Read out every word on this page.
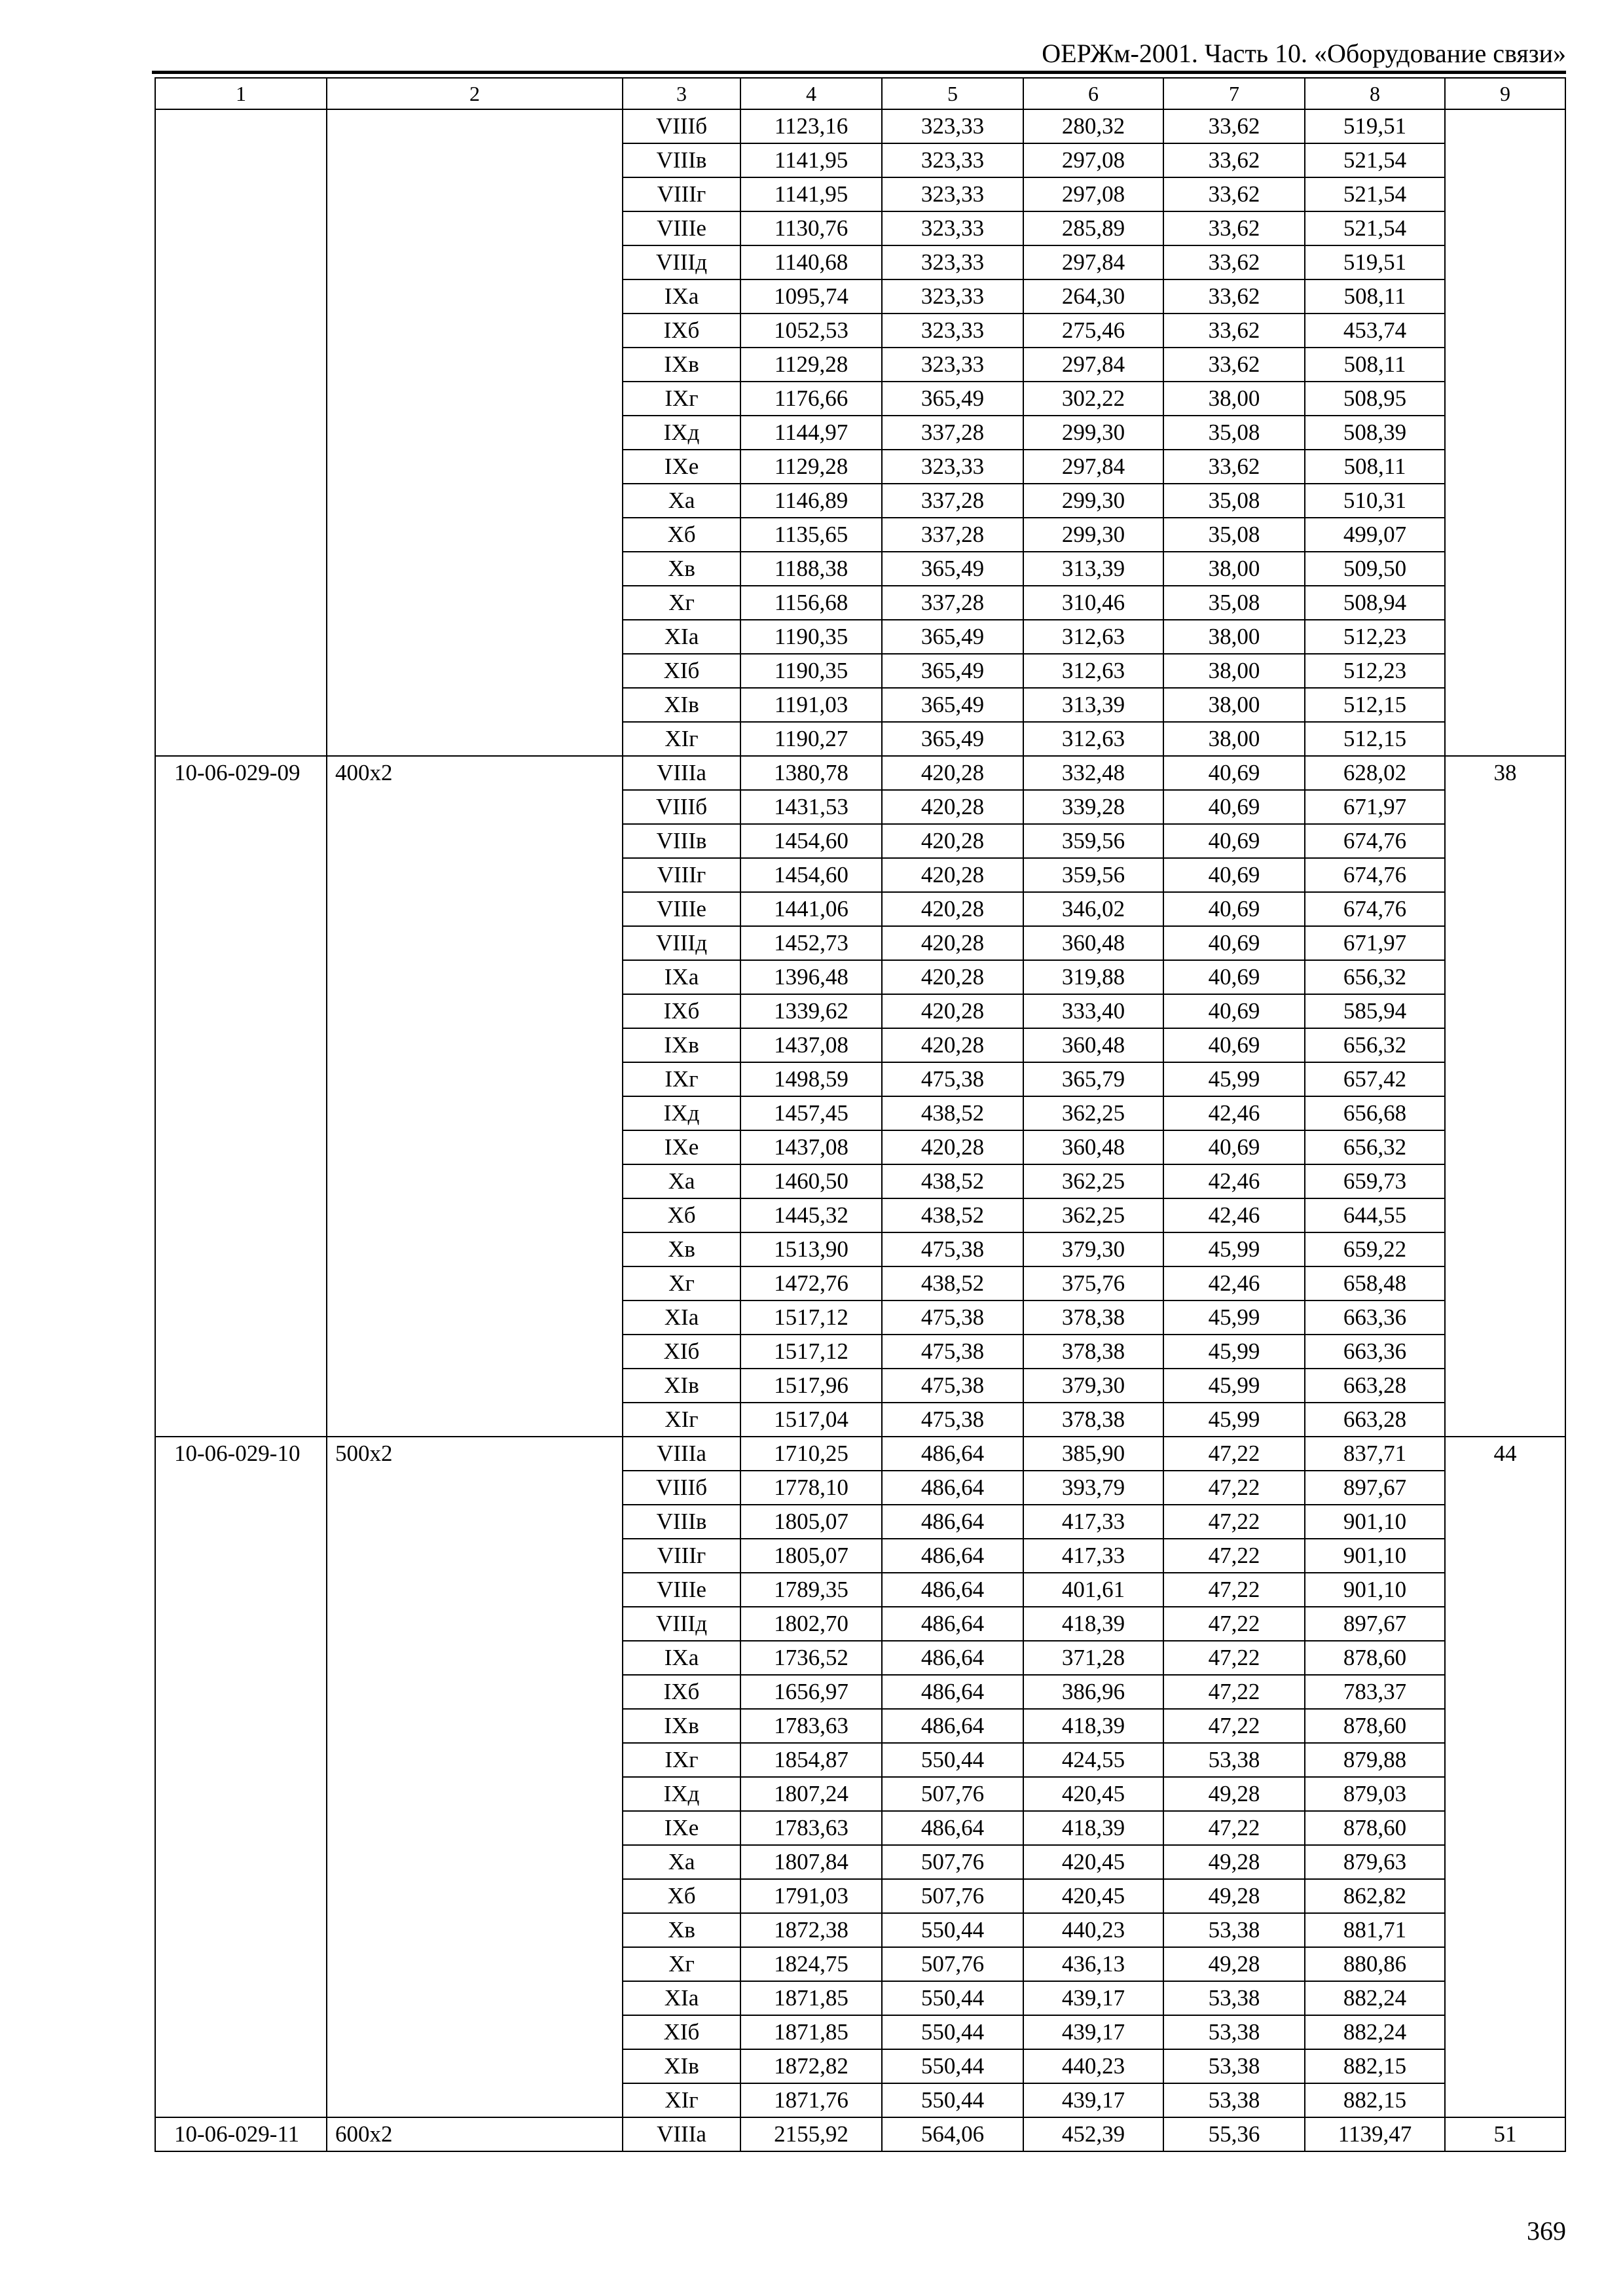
ОЕРЖм-2001. Часть 10. «Оборудование связи»
1	2	3	4	5	6	7	8	9
		VIIIб	1123,16	323,33	280,32	33,62	519,51	
		VIIIв	1141,95	323,33	297,08	33,62	521,54	
		VIIIг	1141,95	323,33	297,08	33,62	521,54	
		VIIIе	1130,76	323,33	285,89	33,62	521,54	
		VIIIд	1140,68	323,33	297,84	33,62	519,51	
		IXа	1095,74	323,33	264,30	33,62	508,11	
		IXб	1052,53	323,33	275,46	33,62	453,74	
		IXв	1129,28	323,33	297,84	33,62	508,11	
		IXг	1176,66	365,49	302,22	38,00	508,95	
		IXд	1144,97	337,28	299,30	35,08	508,39	
		IXе	1129,28	323,33	297,84	33,62	508,11	
		Xа	1146,89	337,28	299,30	35,08	510,31	
		Xб	1135,65	337,28	299,30	35,08	499,07	
		Xв	1188,38	365,49	313,39	38,00	509,50	
		Xг	1156,68	337,28	310,46	35,08	508,94	
		XIа	1190,35	365,49	312,63	38,00	512,23	
		XIб	1190,35	365,49	312,63	38,00	512,23	
		XIв	1191,03	365,49	313,39	38,00	512,15	
		XIг	1190,27	365,49	312,63	38,00	512,15	
10-06-029-09	400x2	VIIIа	1380,78	420,28	332,48	40,69	628,02	38
		VIIIб	1431,53	420,28	339,28	40,69	671,97	
		VIIIв	1454,60	420,28	359,56	40,69	674,76	
		VIIIг	1454,60	420,28	359,56	40,69	674,76	
		VIIIе	1441,06	420,28	346,02	40,69	674,76	
		VIIIд	1452,73	420,28	360,48	40,69	671,97	
		IXа	1396,48	420,28	319,88	40,69	656,32	
		IXб	1339,62	420,28	333,40	40,69	585,94	
		IXв	1437,08	420,28	360,48	40,69	656,32	
		IXг	1498,59	475,38	365,79	45,99	657,42	
		IXд	1457,45	438,52	362,25	42,46	656,68	
		IXе	1437,08	420,28	360,48	40,69	656,32	
		Xа	1460,50	438,52	362,25	42,46	659,73	
		Xб	1445,32	438,52	362,25	42,46	644,55	
		Xв	1513,90	475,38	379,30	45,99	659,22	
		Xг	1472,76	438,52	375,76	42,46	658,48	
		XIа	1517,12	475,38	378,38	45,99	663,36	
		XIб	1517,12	475,38	378,38	45,99	663,36	
		XIв	1517,96	475,38	379,30	45,99	663,28	
		XIг	1517,04	475,38	378,38	45,99	663,28	
10-06-029-10	500x2	VIIIа	1710,25	486,64	385,90	47,22	837,71	44
		VIIIб	1778,10	486,64	393,79	47,22	897,67	
		VIIIв	1805,07	486,64	417,33	47,22	901,10	
		VIIIг	1805,07	486,64	417,33	47,22	901,10	
		VIIIе	1789,35	486,64	401,61	47,22	901,10	
		VIIIд	1802,70	486,64	418,39	47,22	897,67	
		IXа	1736,52	486,64	371,28	47,22	878,60	
		IXб	1656,97	486,64	386,96	47,22	783,37	
		IXв	1783,63	486,64	418,39	47,22	878,60	
		IXг	1854,87	550,44	424,55	53,38	879,88	
		IXд	1807,24	507,76	420,45	49,28	879,03	
		IXе	1783,63	486,64	418,39	47,22	878,60	
		Xа	1807,84	507,76	420,45	49,28	879,63	
		Xб	1791,03	507,76	420,45	49,28	862,82	
		Xв	1872,38	550,44	440,23	53,38	881,71	
		Xг	1824,75	507,76	436,13	49,28	880,86	
		XIа	1871,85	550,44	439,17	53,38	882,24	
		XIб	1871,85	550,44	439,17	53,38	882,24	
		XIв	1872,82	550,44	440,23	53,38	882,15	
		XIг	1871,76	550,44	439,17	53,38	882,15	
10-06-029-11	600x2	VIIIа	2155,92	564,06	452,39	55,36	1139,47	51
369
